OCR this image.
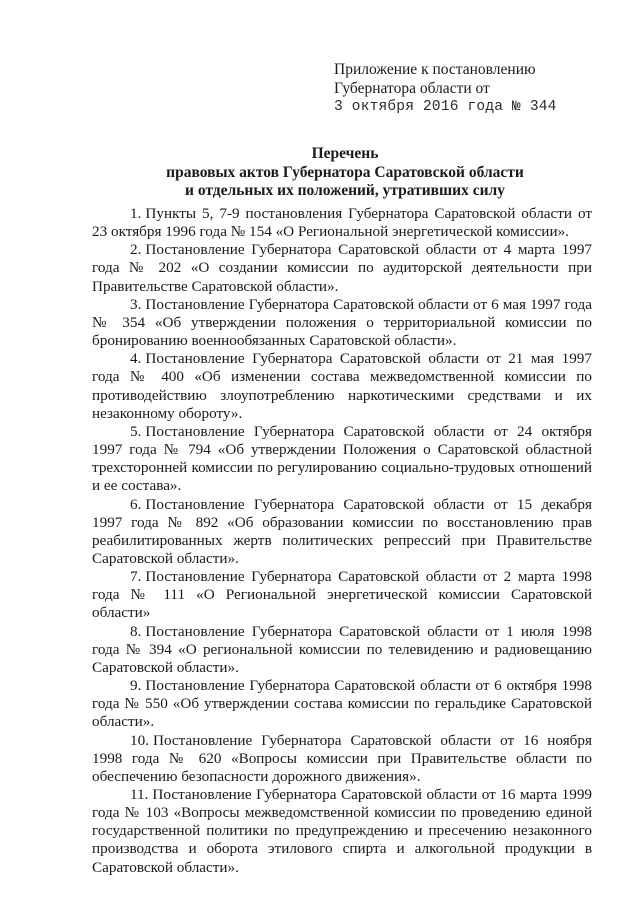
Приложение к постановлению
Губернатора области от
3 октября 2016 года № 344
Перечень
правовых актов Губернатора Саратовской области
и отдельных их положений, утративших силу

1. Пункты 5, 7-9 постановления Губернатора Саратовской области от 23 октября 1996 года № 154 «О Региональной энергетической комиссии».

2. Постановление Губернатора Саратовской области от 4 марта 1997 года № 202 «О создании комиссии по аудиторской деятельности при Правительстве Саратовской области».

3. Постановление Губернатора Саратовской области от 6 мая 1997 года № 354 «Об утверждении положения о территориальной комиссии по бронированию военнообязанных Саратовской области».

4. Постановление Губернатора Саратовской области от 21 мая 1997 года № 400 «Об изменении состава межведомственной комиссии по противодействию злоупотреблению наркотическими средствами и их незаконному обороту».

5. Постановление Губернатора Саратовской области от 24 октября 1997 года № 794 «Об утверждении Положения о Саратовской областной трехсторонней комиссии по регулированию социально-трудовых отношений и ее состава».

6. Постановление Губернатора Саратовской области от 15 декабря 1997 года № 892 «Об образовании комиссии по восстановлению прав реабилитированных жертв политических репрессий при Правительстве Саратовской области».

7. Постановление Губернатора Саратовской области от 2 марта 1998 года № 111 «О Региональной энергетической комиссии Саратовской области»

8. Постановление Губернатора Саратовской области от 1 июля 1998 года № 394 «О региональной комиссии по телевидению и радиовещанию Саратовской области».

9. Постановление Губернатора Саратовской области от 6 октября 1998 года № 550 «Об утверждении состава комиссии по геральдике Саратовской области».

10. Постановление Губернатора Саратовской области от 16 ноября 1998 года № 620 «Вопросы комиссии при Правительстве области по обеспечению безопасности дорожного движения».

11. Постановление Губернатора Саратовской области от 16 марта 1999 года № 103 «Вопросы межведомственной комиссии по проведению единой государственной политики по предупреждению и пресечению незаконного производства и оборота этилового спирта и алкогольной продукции в Саратовской области».
